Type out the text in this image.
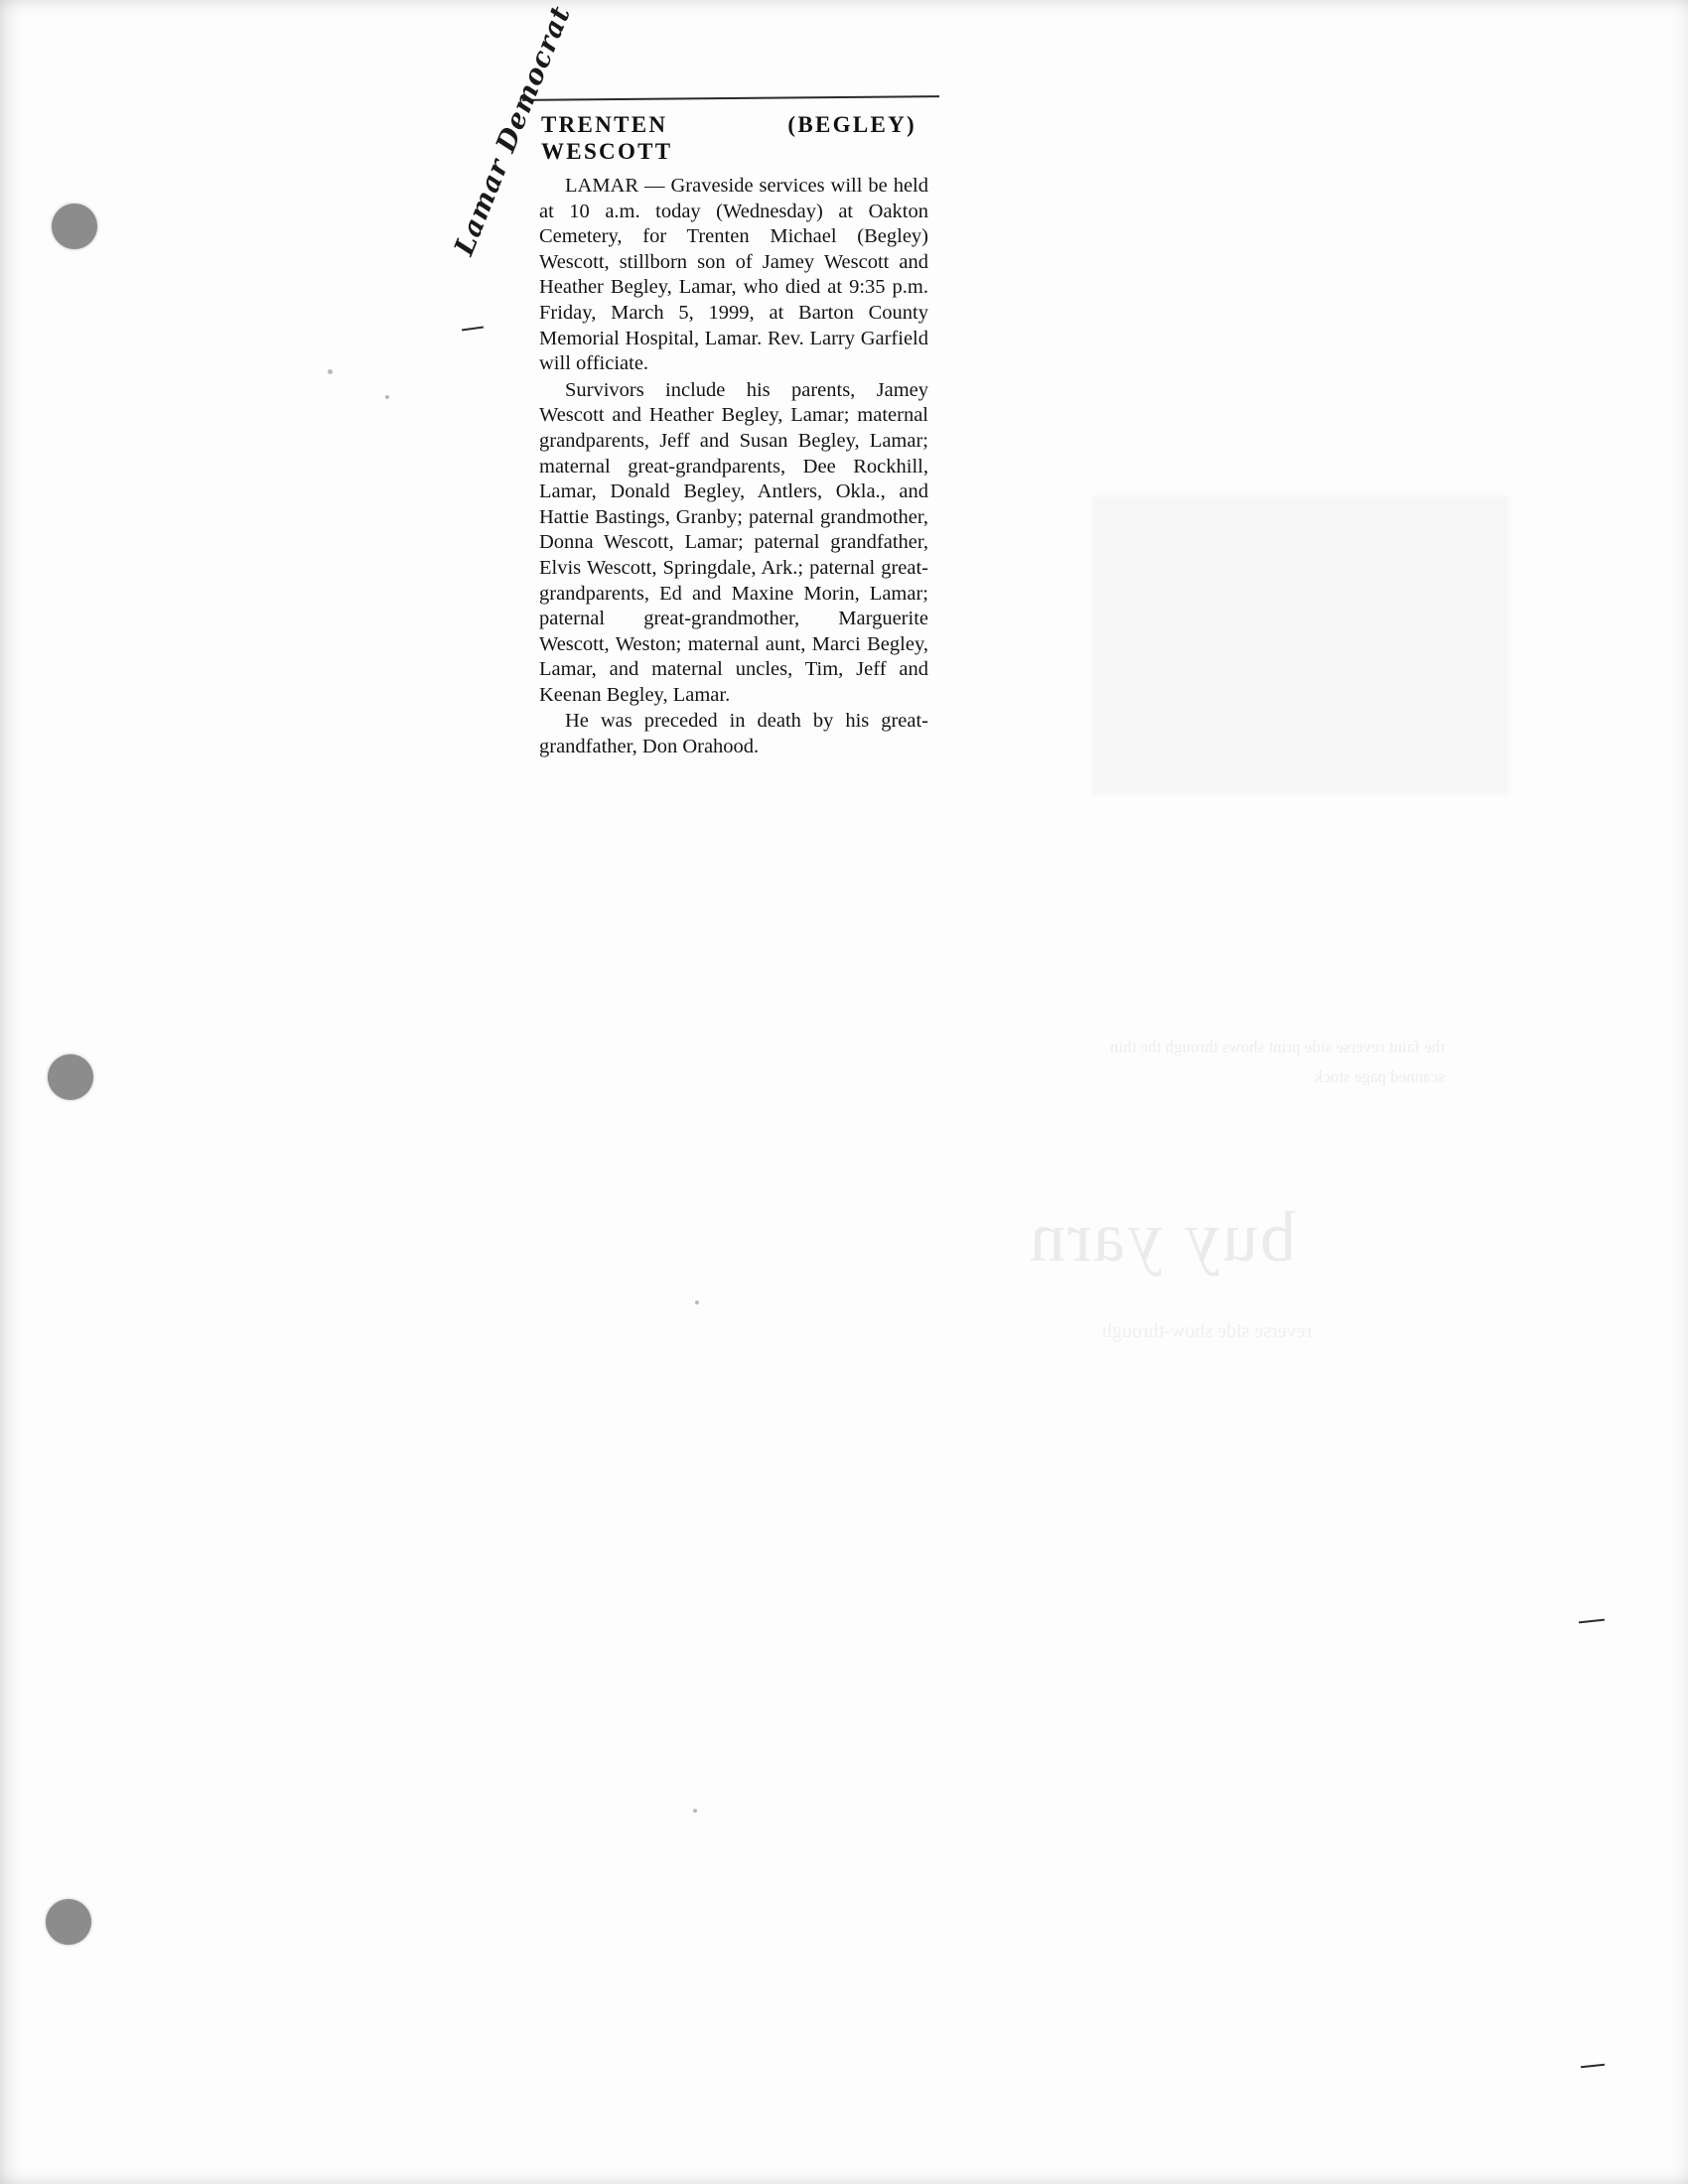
the faint reverse side print shows through the thin scanned page stock
buy yarn
reverse side show-through
TRENTEN	(BEGLEY)
WESCOTT

LAMAR — Graveside services will be held at 10 a.m. today (Wednesday) at Oakton Cemetery, for Trenten Michael (Begley) Wescott, stillborn son of Jamey Wescott and Heather Begley, Lamar, who died at 9:35 p.m. Friday, March 5, 1999, at Barton County Memorial Hospital, Lamar. Rev. Larry Garfield will officiate.

Survivors include his parents, Jamey Wescott and Heather Begley, Lamar; maternal grandparents, Jeff and Susan Begley, Lamar; maternal great-grandparents, Dee Rockhill, Lamar, Donald Begley, Antlers, Okla., and Hattie Bastings, Granby; paternal grandmother, Donna Wescott, Lamar; paternal grandfather, Elvis Wescott, Springdale, Ark.; paternal great-grandparents, Ed and Maxine Morin, Lamar; paternal great-grandmother, Marguerite Wescott, Weston; maternal aunt, Marci Begley, Lamar, and maternal uncles, Tim, Jeff and Keenan Begley, Lamar.

He was preceded in death by his great-grandfather, Don Orahood.

Lamar Democrat
